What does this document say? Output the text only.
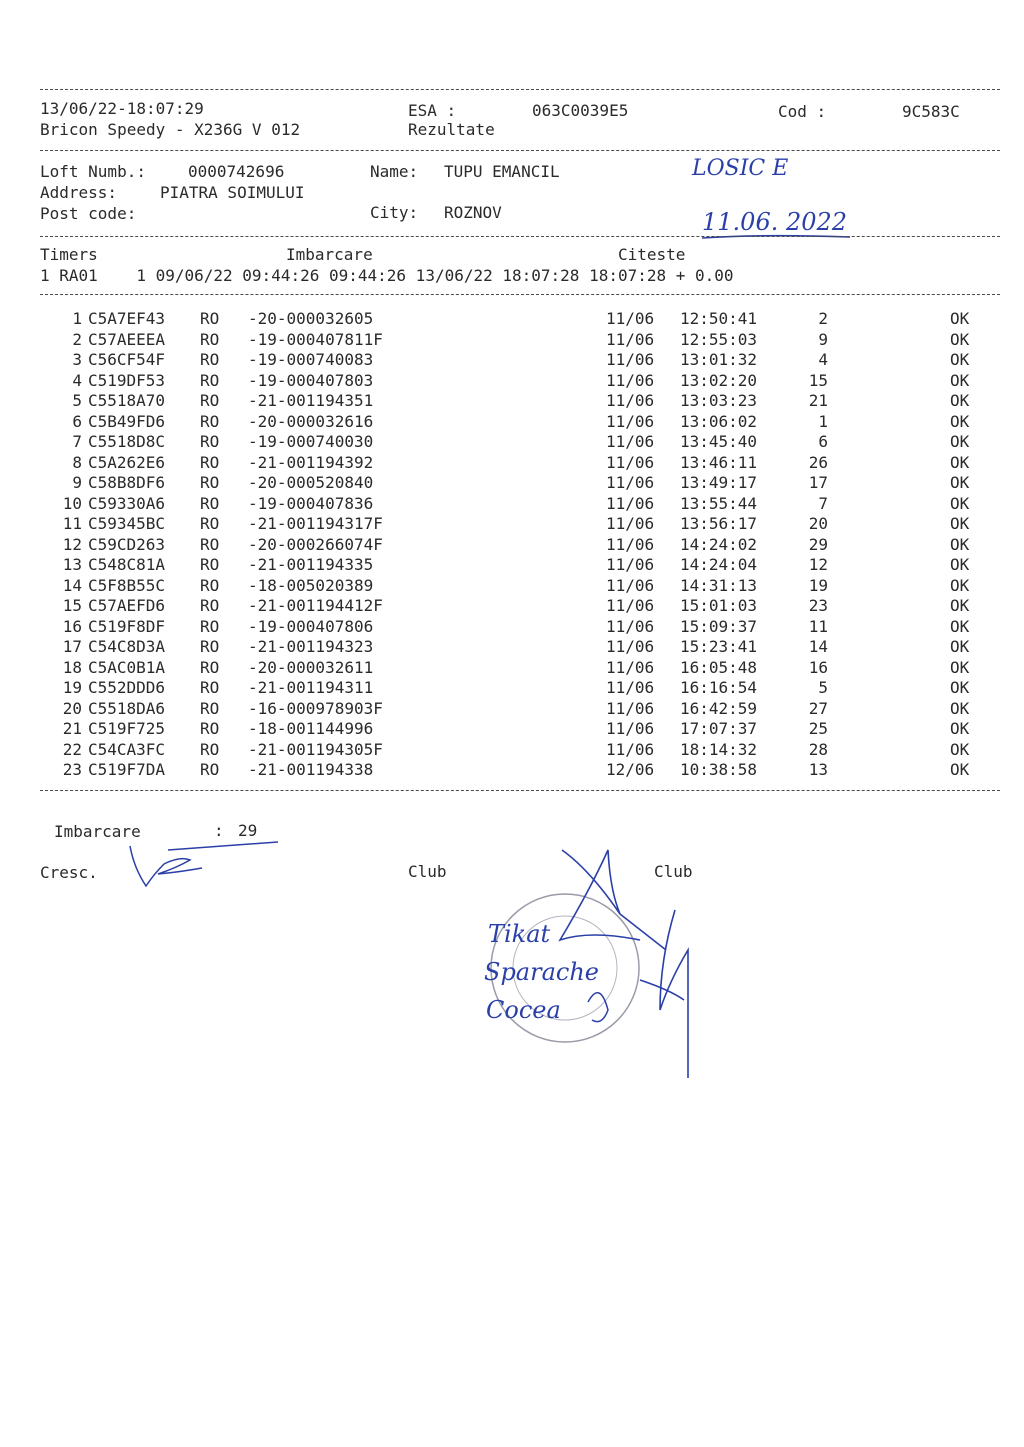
13/06/22-18:07:29	ESA :	063C0039E5	Cod :	9C583C
Bricon Speedy - X236G V 012	Rezultate
Loft Numb.:	0000742696	Name: TUPU EMANCIL	LOSIC E
Address:	PIATRA SOIMULUI
Post code:	City: ROZNOV	11.06. 2022
Timers	Imbarcare	Citeste
1 RA01    1 09/06/22 09:44:26 09:44:26 13/06/22 18:07:28 18:07:28 + 0.00
1 C5A7EF43 RO -20-000032605	11/06 12:50:41	2	OK
2 C57AEEEA RO -19-000407811F	11/06 12:55:03	9	OK
3 C56CF54F RO -19-000740083	11/06 13:01:32	4	OK
4 C519DF53 RO -19-000407803	11/06 13:02:20	15	OK
5 C5518A70 RO -21-001194351	11/06 13:03:23	21	OK
6 C5B49FD6 RO -20-000032616	11/06 13:06:02	1	OK
7 C5518D8C RO -19-000740030	11/06 13:45:40	6	OK
8 C5A262E6 RO -21-001194392	11/06 13:46:11	26	OK
9 C58B8DF6 RO -20-000520840	11/06 13:49:17	17	OK
10 C59330A6 RO -19-000407836	11/06 13:55:44	7	OK
11 C59345BC RO -21-001194317F	11/06 13:56:17	20	OK
12 C59CD263 RO -20-000266074F	11/06 14:24:02	29	OK
13 C548C81A RO -21-001194335	11/06 14:24:04	12	OK
14 C5F8B55C RO -18-005020389	11/06 14:31:13	19	OK
15 C57AEFD6 RO -21-001194412F	11/06 15:01:03	23	OK
16 C519F8DF RO -19-000407806	11/06 15:09:37	11	OK
17 C54C8D3A RO -21-001194323	11/06 15:23:41	14	OK
18 C5AC0B1A RO -20-000032611	11/06 16:05:48	16	OK
19 C552DDD6 RO -21-001194311	11/06 16:16:54	5	OK
20 C5518DA6 RO -16-000978903F	11/06 16:42:59	27	OK
21 C519F725 RO -18-001144996	11/06 17:07:37	25	OK
22 C54CA3FC RO -21-001194305F	11/06 18:14:32	28	OK
23 C519F7DA RO -21-001194338	12/06 10:38:58	13	OK
Imbarcare	: 29
Cresc.	Club	Club
Tikat
Sparache
Cocea
